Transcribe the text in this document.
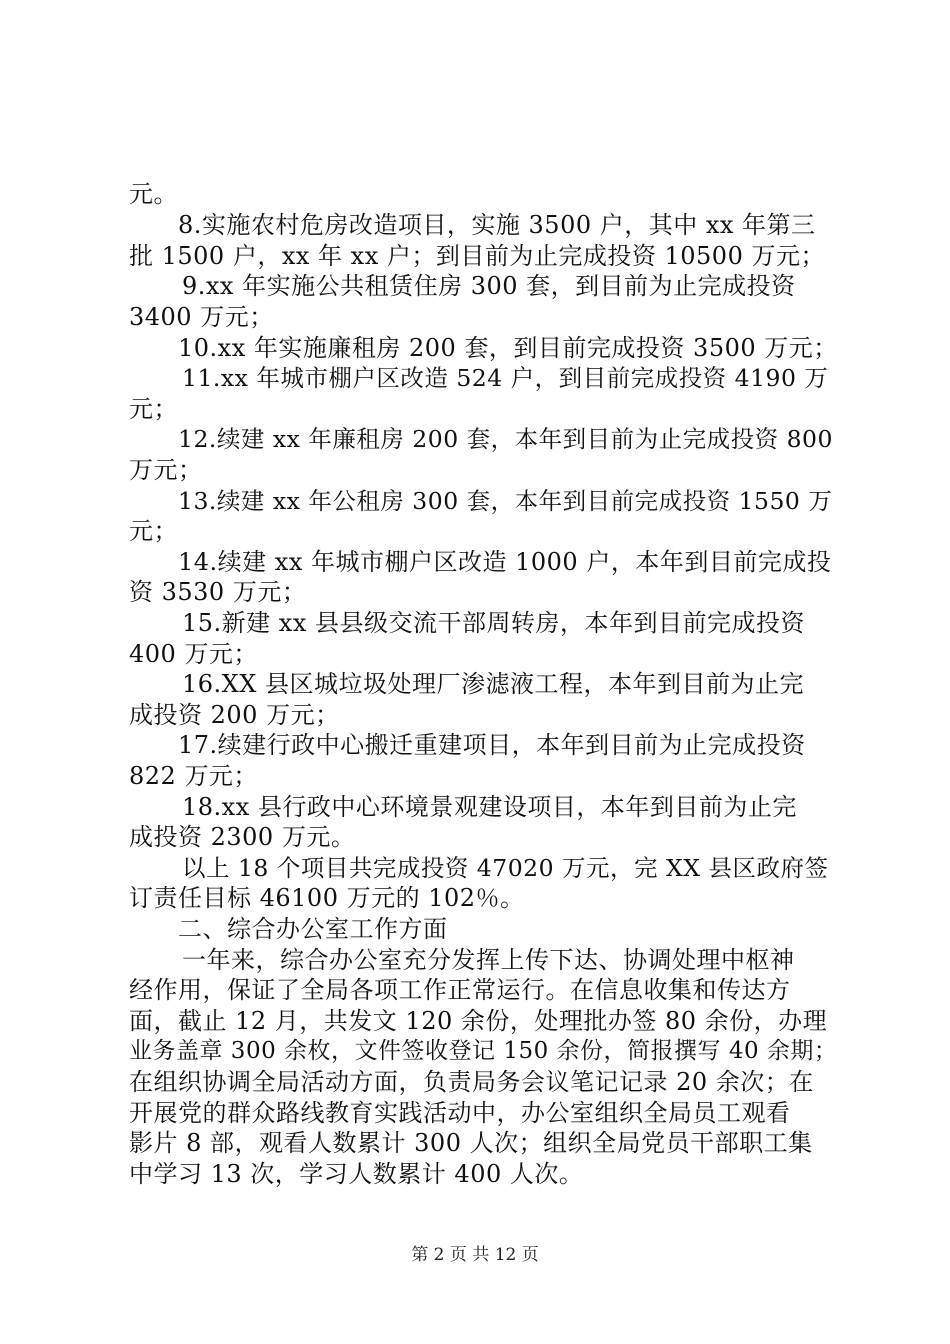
元。
8.实施农村危房改造项目，实施 3500 户，其中 xx 年第三
批 1500 户，xx 年 xx 户；到目前为止完成投资 10500 万元；
9.xx 年实施公共租赁住房 300 套，到目前为止完成投资
3400 万元；
10.xx 年实施廉租房 200 套，到目前完成投资 3500 万元；
11.xx 年城市棚户区改造 524 户，到目前完成投资 4190 万
元；
12.续建 xx 年廉租房 200 套，本年到目前为止完成投资 800
万元；
13.续建 xx 年公租房 300 套，本年到目前完成投资 1550 万
元；
14.续建 xx 年城市棚户区改造 1000 户，本年到目前完成投
资 3530 万元；
15.新建 xx 县县级交流干部周转房，本年到目前完成投资
400 万元；
16.XX 县区城垃圾处理厂渗滤液工程，本年到目前为止完
成投资 200 万元；
17.续建行政中心搬迁重建项目，本年到目前为止完成投资
822 万元；
18.xx 县行政中心环境景观建设项目，本年到目前为止完
成投资 2300 万元。
以上 18 个项目共完成投资 47020 万元，完 XX 县区政府签
订责任目标 46100 万元的 102％。
二、综合办公室工作方面
一年来，综合办公室充分发挥上传下达、协调处理中枢神
经作用，保证了全局各项工作正常运行。在信息收集和传达方
面，截止 12 月，共发文 120 余份，处理批办签 80 余份，办理
业务盖章 300 余枚，文件签收登记 150 余份，简报撰写 40 余期；
在组织协调全局活动方面，负责局务会议笔记记录 20 余次；在
开展党的群众路线教育实践活动中，办公室组织全局员工观看
影片 8 部，观看人数累计 300 人次；组织全局党员干部职工集
中学习 13 次，学习人数累计 400 人次。
第 2 页 共 12 页
